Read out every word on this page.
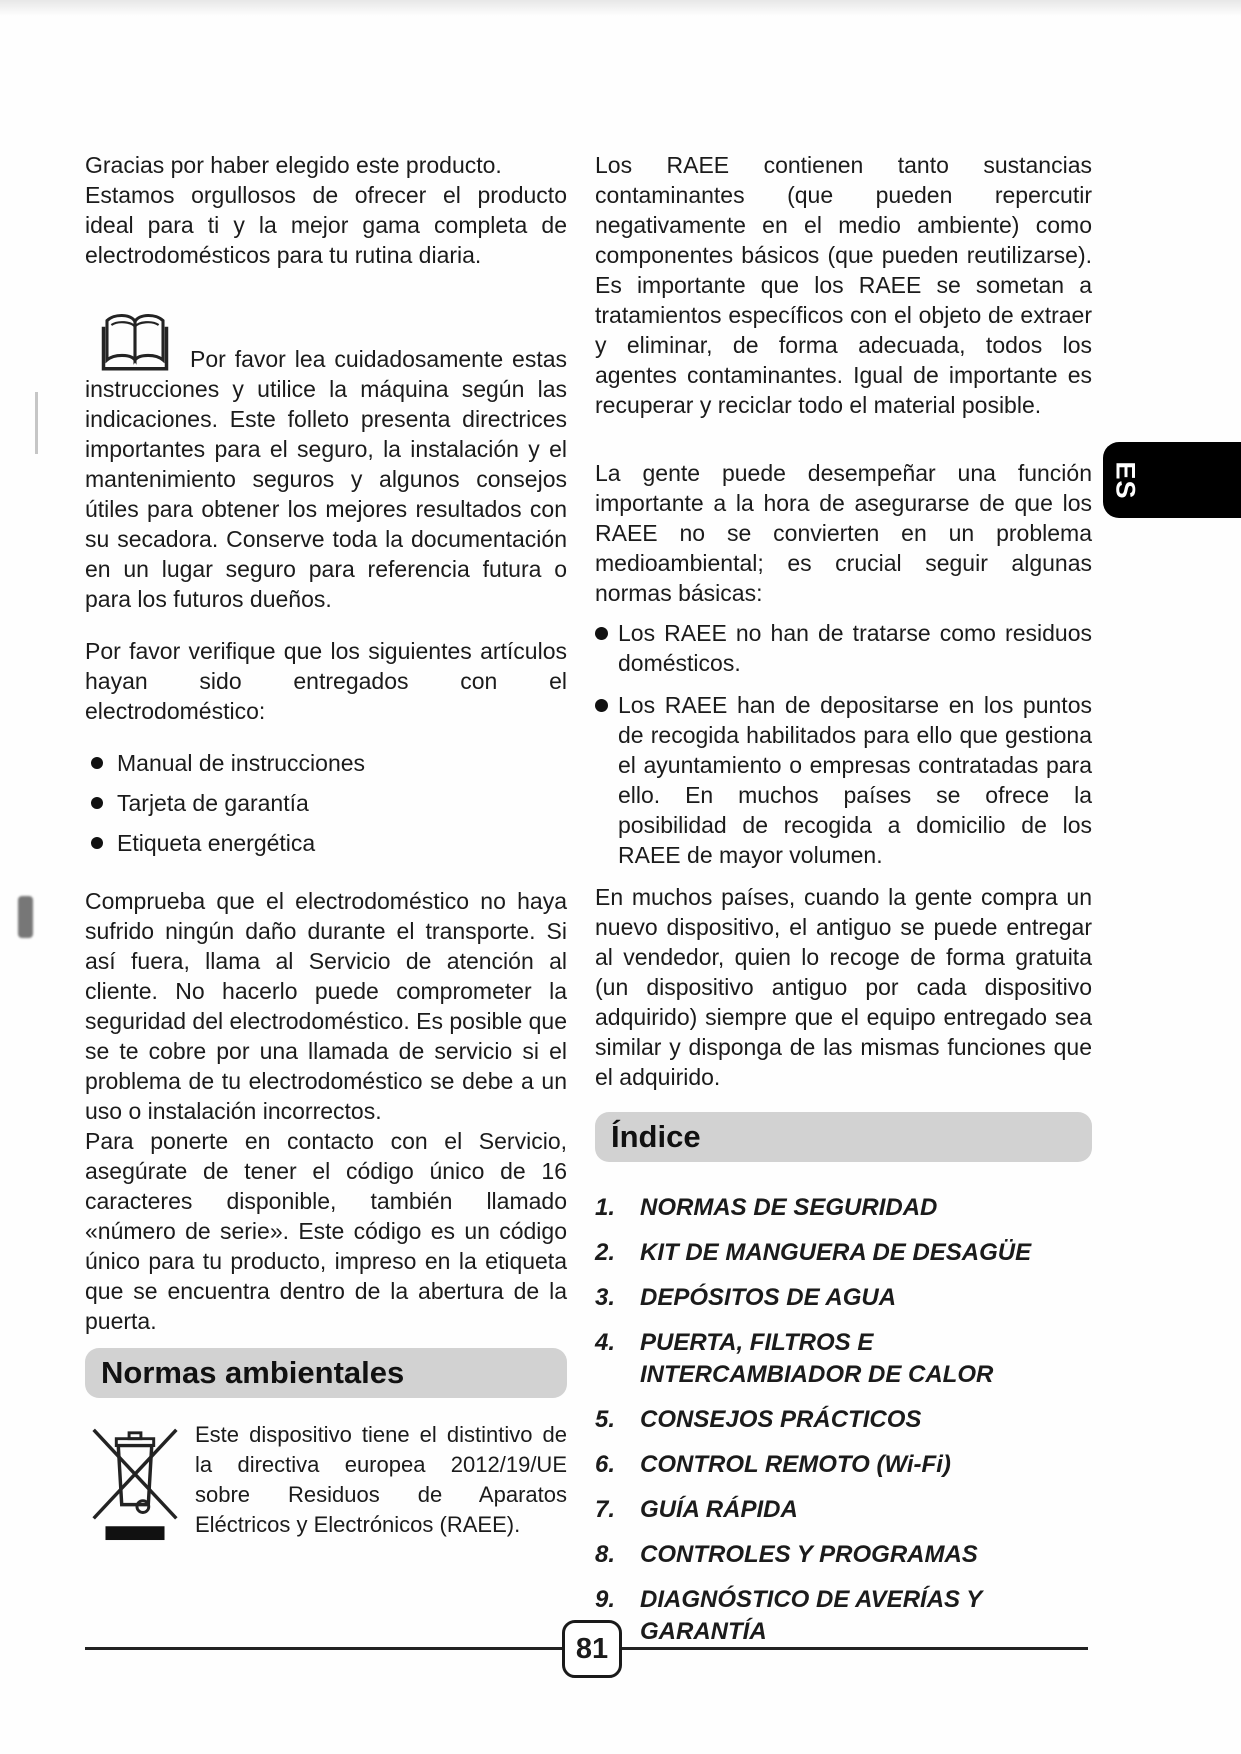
Gracias por haber elegido este producto.

Estamos orgullosos de ofrecer el producto ideal para ti y la mejor gama completa de electrodomésticos para tu rutina diaria.

Por favor lea cuidadosamente estas instrucciones y utilice la máquina según las indicaciones. Este folleto presenta directrices importantes para el seguro, la instalación y el mantenimiento seguros y algunos consejos útiles para obtener los mejores resultados con su secadora. Conserve toda la documentación en un lugar seguro para referencia futura o para los futuros dueños.

Por favor verifique que los siguientes artículos hayan sido entregados con el electrodoméstico:

Manual de instrucciones
Tarjeta de garantía
Etiqueta energética

Comprueba que el electrodoméstico no haya sufrido ningún daño durante el transporte. Si así fuera, llama al Servicio de atención al cliente. No hacerlo puede comprometer la seguridad del electrodoméstico. Es posible que se te cobre por una llamada de servicio si el problema de tu electrodoméstico se debe a un uso o instalación incorrectos.

Para ponerte en contacto con el Servicio, asegúrate de tener el código único de 16 caracteres disponible, también llamado «número de serie». Este código es un código único para tu producto, impreso en la etiqueta que se encuentra dentro de la abertura de la puerta.

Normas ambientales

Este dispositivo tiene el distintivo de la directiva europea 2012/19/UE sobre Residuos de Aparatos Eléctricos y Electrónicos (RAEE).

Los RAEE contienen tanto sustancias contaminantes (que pueden repercutir negativamente en el medio ambiente) como componentes básicos (que pueden reutilizarse). Es importante que los RAEE se sometan a tratamientos específicos con el objeto de extraer y eliminar, de forma adecuada, todos los agentes contaminantes. Igual de importante es recuperar y reciclar todo el material posible.

La gente puede desempeñar una función importante a la hora de asegurarse de que los RAEE no se convierten en un problema medioambiental; es crucial seguir algunas normas básicas:

Los RAEE no han de tratarse como residuos domésticos.

Los RAEE han de depositarse en los puntos de recogida habilitados para ello que gestiona el ayuntamiento o empresas contratadas para ello. En muchos países se ofrece la posibilidad de recogida a domicilio de los RAEE de mayor volumen.

En muchos países, cuando la gente compra un nuevo dispositivo, el antiguo se puede entregar al vendedor, quien lo recoge de forma gratuita (un dispositivo antiguo por cada dispositivo adquirido) siempre que el equipo entregado sea similar y disponga de las mismas funciones que el adquirido.

Índice
1.	NORMAS DE SEGURIDAD
2.	KIT DE MANGUERA DE DESAGÜE
3.	DEPÓSITOS DE AGUA
4.	PUERTA, FILTROS E INTERCAMBIADOR DE CALOR
5.	CONSEJOS PRÁCTICOS
6.	CONTROL REMOTO (Wi-Fi)
7.	GUÍA RÁPIDA
8.	CONTROLES Y PROGRAMAS
9.	DIAGNÓSTICO DE AVERÍAS Y GARANTÍA
ES
81
